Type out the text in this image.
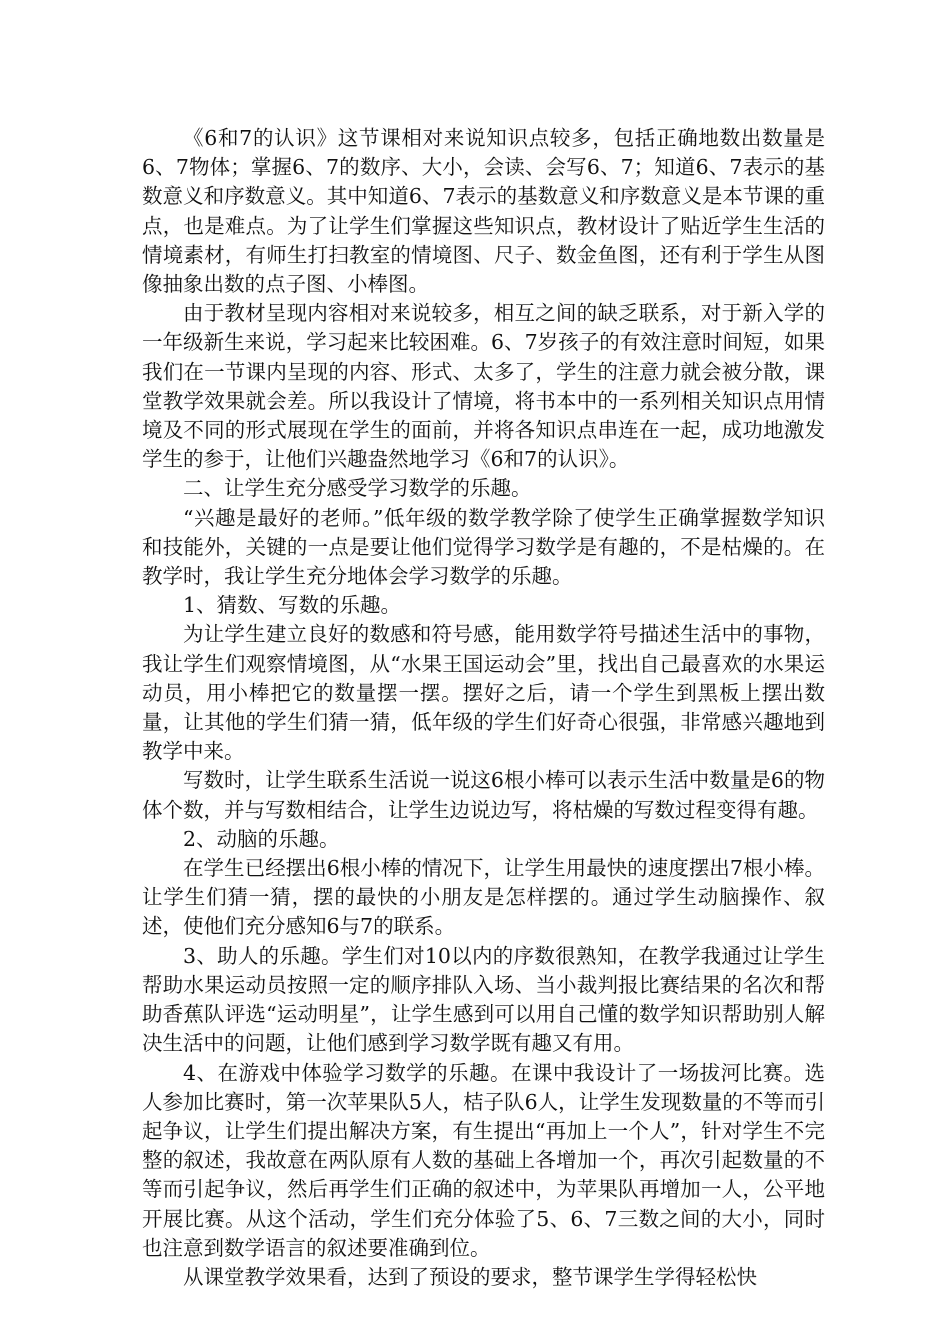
《6和7的认识》这节课相对来说知识点较多，包括正确地数出数量是6、7物体；掌握6、7的数序、大小，会读、会写6、7；知道6、7表示的基数意义和序数意义。其中知道6、7表示的基数意义和序数意义是本节课的重点，也是难点。为了让学生们掌握这些知识点，教材设计了贴近学生生活的情境素材，有师生打扫教室的情境图、尺子、数金鱼图，还有利于学生从图像抽象出数的点子图、小棒图。

由于教材呈现内容相对来说较多，相互之间的缺乏联系，对于新入学的一年级新生来说，学习起来比较困难。6、7岁孩子的有效注意时间短，如果我们在一节课内呈现的内容、形式、太多了，学生的注意力就会被分散，课堂教学效果就会差。所以我设计了情境，将书本中的一系列相关知识点用情境及不同的形式展现在学生的面前，并将各知识点串连在一起，成功地激发学生的参于，让他们兴趣盎然地学习《6和7的认识》。

二、让学生充分感受学习数学的乐趣。

“兴趣是最好的老师。”低年级的数学教学除了使学生正确掌握数学知识和技能外，关键的一点是要让他们觉得学习数学是有趣的，不是枯燥的。在教学时，我让学生充分地体会学习数学的乐趣。

1、猜数、写数的乐趣。

为让学生建立良好的数感和符号感，能用数学符号描述生活中的事物，我让学生们观察情境图，从“水果王国运动会”里，找出自己最喜欢的水果运动员，用小棒把它的数量摆一摆。摆好之后，请一个学生到黑板上摆出数量，让其他的学生们猜一猜，低年级的学生们好奇心很强，非常感兴趣地到教学中来。

写数时，让学生联系生活说一说这6根小棒可以表示生活中数量是6的物体个数，并与写数相结合，让学生边说边写，将枯燥的写数过程变得有趣。

2、动脑的乐趣。

在学生已经摆出6根小棒的情况下，让学生用最快的速度摆出7根小棒。让学生们猜一猜，摆的最快的小朋友是怎样摆的。通过学生动脑操作、叙述，使他们充分感知6与7的联系。

3、助人的乐趣。学生们对10以内的序数很熟知，在教学我通过让学生帮助水果运动员按照一定的顺序排队入场、当小裁判报比赛结果的名次和帮助香蕉队评选“运动明星”，让学生感到可以用自己懂的数学知识帮助别人解决生活中的问题，让他们感到学习数学既有趣又有用。

4、在游戏中体验学习数学的乐趣。在课中我设计了一场拔河比赛。选人参加比赛时，第一次苹果队5人，桔子队6人，让学生发现数量的不等而引起争议，让学生们提出解决方案，有生提出“再加上一个人”，针对学生不完整的叙述，我故意在两队原有人数的基础上各增加一个，再次引起数量的不等而引起争议，然后再学生们正确的叙述中，为苹果队再增加一人，公平地开展比赛。从这个活动，学生们充分体验了5、6、7三数之间的大小，同时也注意到数学语言的叙述要准确到位。

从课堂教学效果看，达到了预设的要求，整节课学生学得轻松快
